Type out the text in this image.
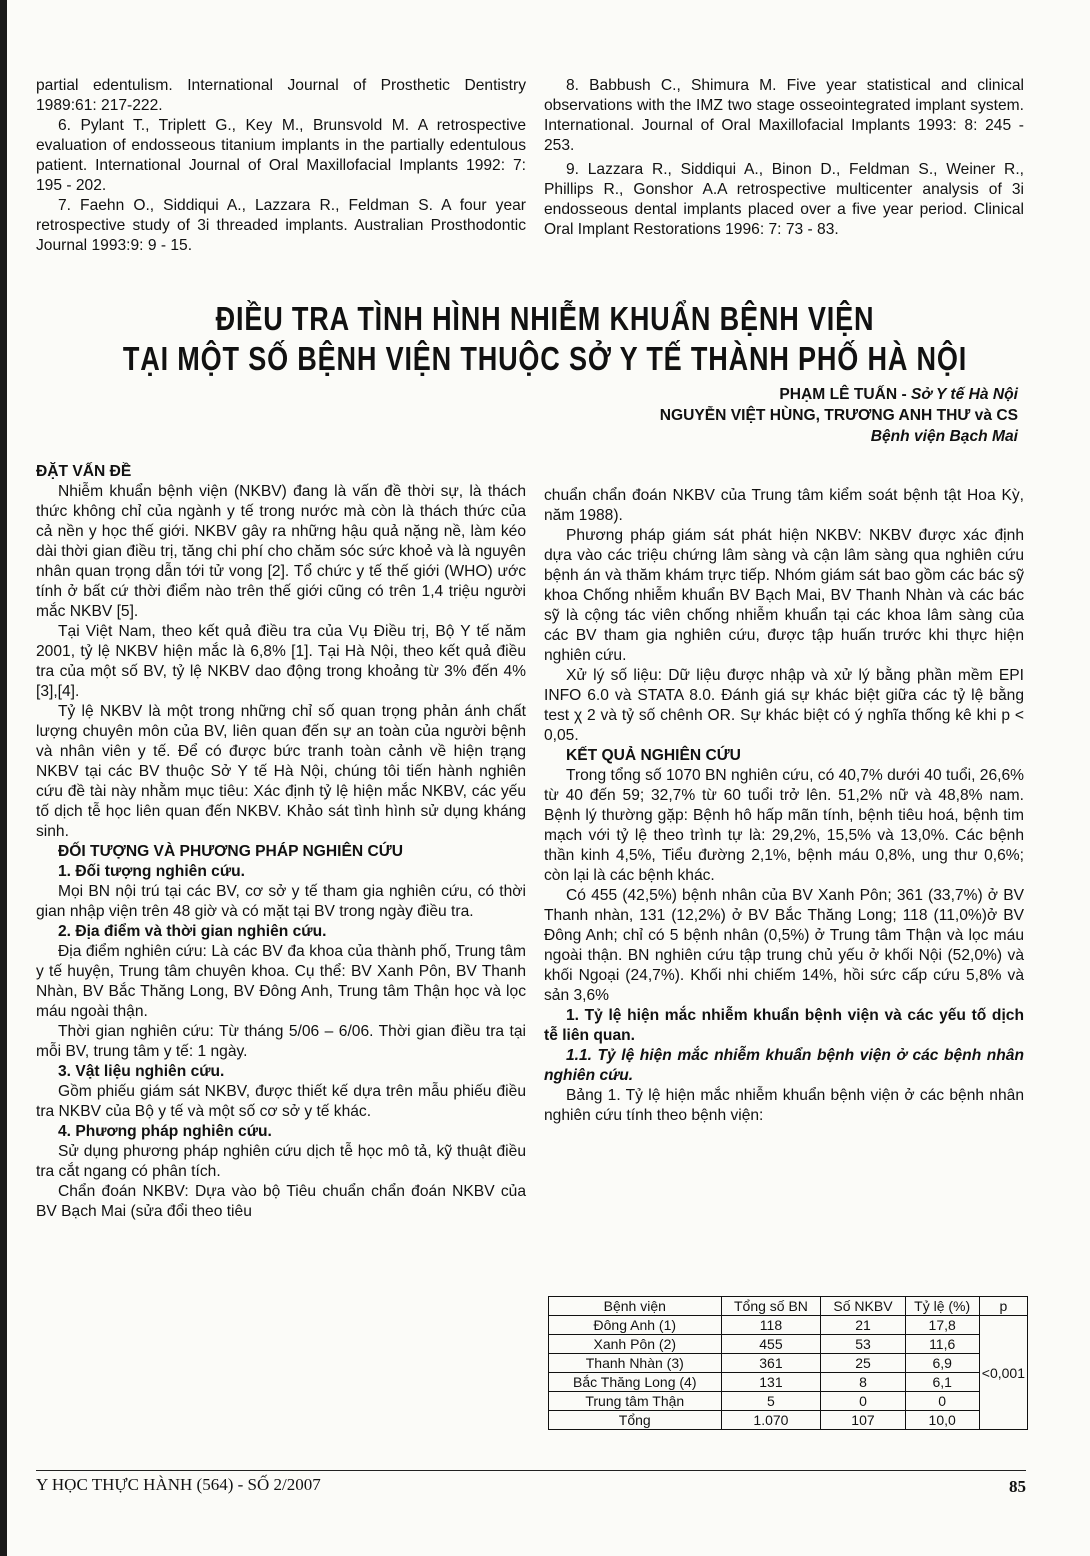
partial edentulism. International Journal of Prosthetic Dentistry 1989:61: 217-222.

6. Pylant T., Triplett G., Key M., Brunsvold M. A retrospective evaluation of endosseous titanium implants in the partially edentulous patient. International Journal of Oral Maxillofacial Implants 1992: 7: 195 - 202.

7. Faehn O., Siddiqui A., Lazzara R., Feldman S. A four year retrospective study of 3i threaded implants. Australian Prosthodontic Journal 1993:9: 9 - 15.

8. Babbush C., Shimura M. Five year statistical and clinical observations with the IMZ two stage osseointegrated implant system. International. Journal of Oral Maxillofacial Implants 1993: 8: 245 - 253.

9. Lazzara R., Siddiqui A., Binon D., Feldman S., Weiner R., Phillips R., Gonshor A.A retrospective multicenter analysis of 3i endosseous dental implants placed over a five year period. Clinical Oral Implant Restorations 1996: 7: 73 - 83.

ĐIỀU TRA TÌNH HÌNH NHIỄM KHUẨN BỆNH VIỆN
TẠI MỘT SỐ BỆNH VIỆN THUỘC SỞ Y TẾ THÀNH PHỐ HÀ NỘI
PHẠM LÊ TUẤN - Sở Y tế Hà Nội
NGUYỄN VIỆT HÙNG, TRƯƠNG ANH THƯ và CS
Bệnh viện Bạch Mai

ĐẶT VẤN ĐỀ

Nhiễm khuẩn bệnh viện (NKBV) đang là vấn đề thời sự, là thách thức không chỉ của ngành y tế trong nước mà còn là thách thức của cả nền y học thế giới. NKBV gây ra những hậu quả nặng nề, làm kéo dài thời gian điều trị, tăng chi phí cho chăm sóc sức khoẻ và là nguyên nhân quan trọng dẫn tới tử vong [2]. Tổ chức y tế thế giới (WHO) ước tính ở bất cứ thời điểm nào trên thế giới cũng có trên 1,4 triệu người mắc NKBV [5].

Tại Việt Nam, theo kết quả điều tra của Vụ Điều trị, Bộ Y tế năm 2001, tỷ lệ NKBV hiện mắc là 6,8% [1]. Tại Hà Nội, theo kết quả điều tra của một số BV, tỷ lệ NKBV dao động trong khoảng từ 3% đến 4% [3],[4].

Tỷ lệ NKBV là một trong những chỉ số quan trọng phản ánh chất lượng chuyên môn của BV, liên quan đến sự an toàn của người bệnh và nhân viên y tế. Để có được bức tranh toàn cảnh về hiện trạng NKBV tại các BV thuộc Sở Y tế Hà Nội, chúng tôi tiến hành nghiên cứu đề tài này nhằm mục tiêu: Xác định tỷ lệ hiện mắc NKBV, các yếu tố dịch tễ học liên quan đến NKBV. Khảo sát tình hình sử dụng kháng sinh.

ĐỐI TƯỢNG VÀ PHƯƠNG PHÁP NGHIÊN CỨU

1. Đối tượng nghiên cứu.

Mọi BN nội trú tại các BV, cơ sở y tế tham gia nghiên cứu, có thời gian nhập viện trên 48 giờ và có mặt tại BV trong ngày điều tra.

2. Địa điểm và thời gian nghiên cứu.

Địa điểm nghiên cứu: Là các BV đa khoa của thành phố, Trung tâm y tế huyện, Trung tâm chuyên khoa. Cụ thể: BV Xanh Pôn, BV Thanh Nhàn, BV Bắc Thăng Long, BV Đông Anh, Trung tâm Thận học và lọc máu ngoài thận.

Thời gian nghiên cứu: Từ tháng 5/06 – 6/06. Thời gian điều tra tại mỗi BV, trung tâm y tế: 1 ngày.

3. Vật liệu nghiên cứu.

Gồm phiếu giám sát NKBV, được thiết kế dựa trên mẫu phiếu điều tra NKBV của Bộ y tế và một số cơ sở y tế khác.

4. Phương pháp nghiên cứu.

Sử dụng phương pháp nghiên cứu dịch tễ học mô tả, kỹ thuật điều tra cắt ngang có phân tích.

Chẩn đoán NKBV: Dựa vào bộ Tiêu chuẩn chẩn đoán NKBV của BV Bạch Mai (sửa đổi theo tiêu

chuẩn chẩn đoán NKBV của Trung tâm kiểm soát bệnh tật Hoa Kỳ, năm 1988).

Phương pháp giám sát phát hiện NKBV: NKBV được xác định dựa vào các triệu chứng lâm sàng và cận lâm sàng qua nghiên cứu bệnh án và thăm khám trực tiếp. Nhóm giám sát bao gồm các bác sỹ khoa Chống nhiễm khuẩn BV Bạch Mai, BV Thanh Nhàn và các bác sỹ là cộng tác viên chống nhiễm khuẩn tại các khoa lâm sàng của các BV tham gia nghiên cứu, được tập huấn trước khi thực hiện nghiên cứu.

Xử lý số liệu: Dữ liệu được nhập và xử lý bằng phần mềm EPI INFO 6.0 và STATA 8.0. Đánh giá sự khác biệt giữa các tỷ lệ bằng test χ 2 và tỷ số chênh OR. Sự khác biệt có ý nghĩa thống kê khi p < 0,05.

KẾT QUẢ NGHIÊN CỨU

Trong tổng số 1070 BN nghiên cứu, có 40,7% dưới 40 tuổi, 26,6% từ 40 đến 59; 32,7% từ 60 tuổi trở lên. 51,2% nữ và 48,8% nam. Bệnh lý thường gặp: Bệnh hô hấp mãn tính, bệnh tiêu hoá, bệnh tim mạch với tỷ lệ theo trình tự là: 29,2%, 15,5% và 13,0%. Các bệnh thần kinh 4,5%, Tiểu đường 2,1%, bệnh máu 0,8%, ung thư 0,6%; còn lại là các bệnh khác.

Có 455 (42,5%) bệnh nhân của BV Xanh Pôn; 361 (33,7%) ở BV Thanh nhàn, 131 (12,2%) ở BV Bắc Thăng Long; 118 (11,0%)ở BV Đông Anh; chỉ có 5 bệnh nhân (0,5%) ở Trung tâm Thận và lọc máu ngoài thận. BN nghiên cứu tập trung chủ yếu ở khối Nội (52,0%) và khối Ngoại (24,7%). Khối nhi chiếm 14%, hồi sức cấp cứu 5,8% và sản 3,6%

1. Tỷ lệ hiện mắc nhiễm khuẩn bệnh viện và các yếu tố dịch tễ liên quan.

1.1. Tỷ lệ hiện mắc nhiễm khuẩn bệnh viện ở các bệnh nhân nghiên cứu.

Bảng 1. Tỷ lệ hiện mắc nhiễm khuẩn bệnh viện ở các bệnh nhân nghiên cứu tính theo bệnh viện:

Bệnh viện	Tổng số BN	Số NKBV	Tỷ lệ (%)	p
Đông Anh (1)	118	21	17,8	<0,001
Xanh Pôn (2)	455	53	11,6	
Thanh Nhàn (3)	361	25	6,9	
Bắc Thăng Long (4)	131	8	6,1	
Trung tâm Thận	5	0	0	
Tổng	1.070	107	10,0	
Y HỌC THỰC HÀNH (564) - SỐ 2/2007	85
